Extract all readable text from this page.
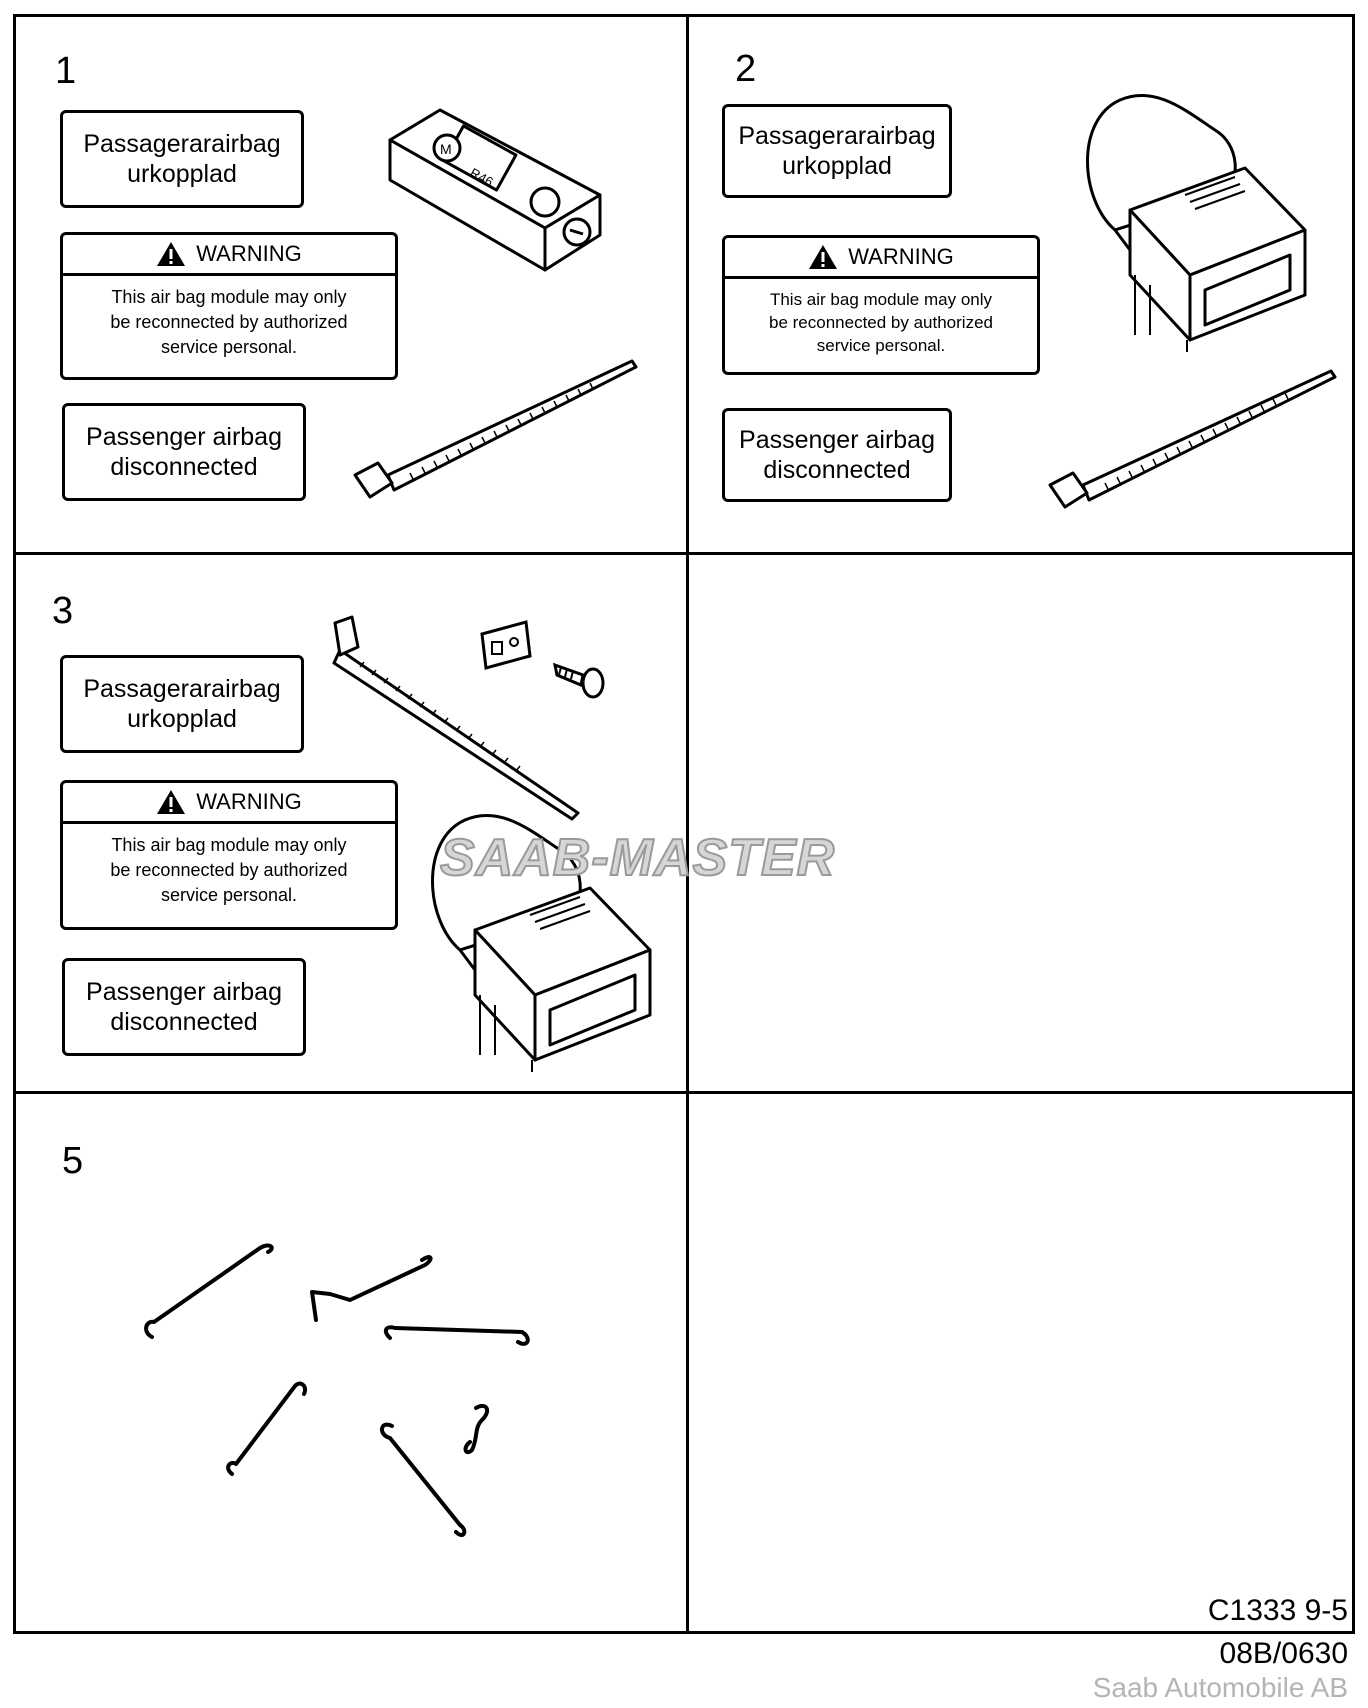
1
Passagerarairbag
urkopplad
WARNING
This air bag module may only
be reconnected by authorized
service personal.
Passenger airbag
disconnected
M
R46
2
Passagerarairbag
urkopplad
WARNING
This air bag module may only
be reconnected by authorized
service personal.
Passenger airbag
disconnected
3
Passagerarairbag
urkopplad
WARNING
This air bag module may only
be reconnected by authorized
service personal.
Passenger airbag
disconnected
5
SAAB-MASTER
C1333 9-5
08B/0630
Saab Automobile AB
